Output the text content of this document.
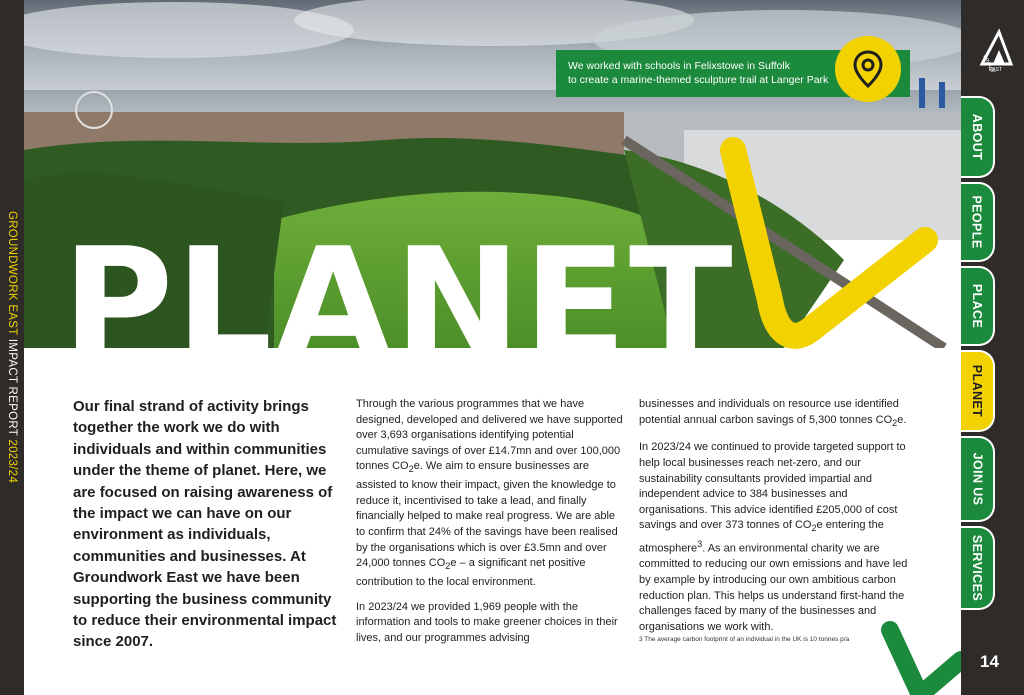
PLANET
We worked with schools in Felixstowe in Suffolk
to create a marine-themed sculpture trail at Langer Park
GROUNDWORK EAST IMPACT REPORT 2023/24
EAST
ABOUT
PEOPLE
PLACE
PLANET
JOIN US
SERVICES
14
Our final strand of activity brings together the work we do with individuals and within communities under the theme of planet. Here, we are focused on raising awareness of the impact we can have on our environment as individuals, communities and businesses. At Groundwork East we have been supporting the business community to reduce their environmental impact since 2007.

Through the various programmes that we have designed, developed and delivered we have supported over 3,693 organisations identifying potential cumulative savings of over £14.7mn and over 100,000 tonnes $CO_2e$. We aim to ensure businesses are assisted to know their impact, given the knowledge to reduce it, incentivised to take a lead, and finally financially helped to make real progress. We are able to confirm that 24% of the savings have been realised by the organisations which is over £3.5mn and over 24,000 tonnes $CO_2e$ – a significant net positive contribution to the local environment.

In 2023/24 we provided 1,969 people with the information and tools to make greener choices in their lives, and our programmes advising

businesses and individuals on resource use identified potential annual carbon savings of 5,300 tonnes $CO_2e$.

In 2023/24 we continued to provide targeted support to help local businesses reach net-zero, and our sustainability consultants provided impartial and independent advice to 384 businesses and organisations. This advice identified £205,000 of cost savings and over 373 tonnes of $CO_2e$ entering the atmosphere$^3$. As an environmental charity we are committed to reducing our own emissions and have led by example by introducing our own ambitious carbon reduction plan. This helps us understand first-hand the challenges faced by many of the businesses and organisations we work with.

3 The average carbon footprint of an individual in the UK is 10 tonnes p/a
